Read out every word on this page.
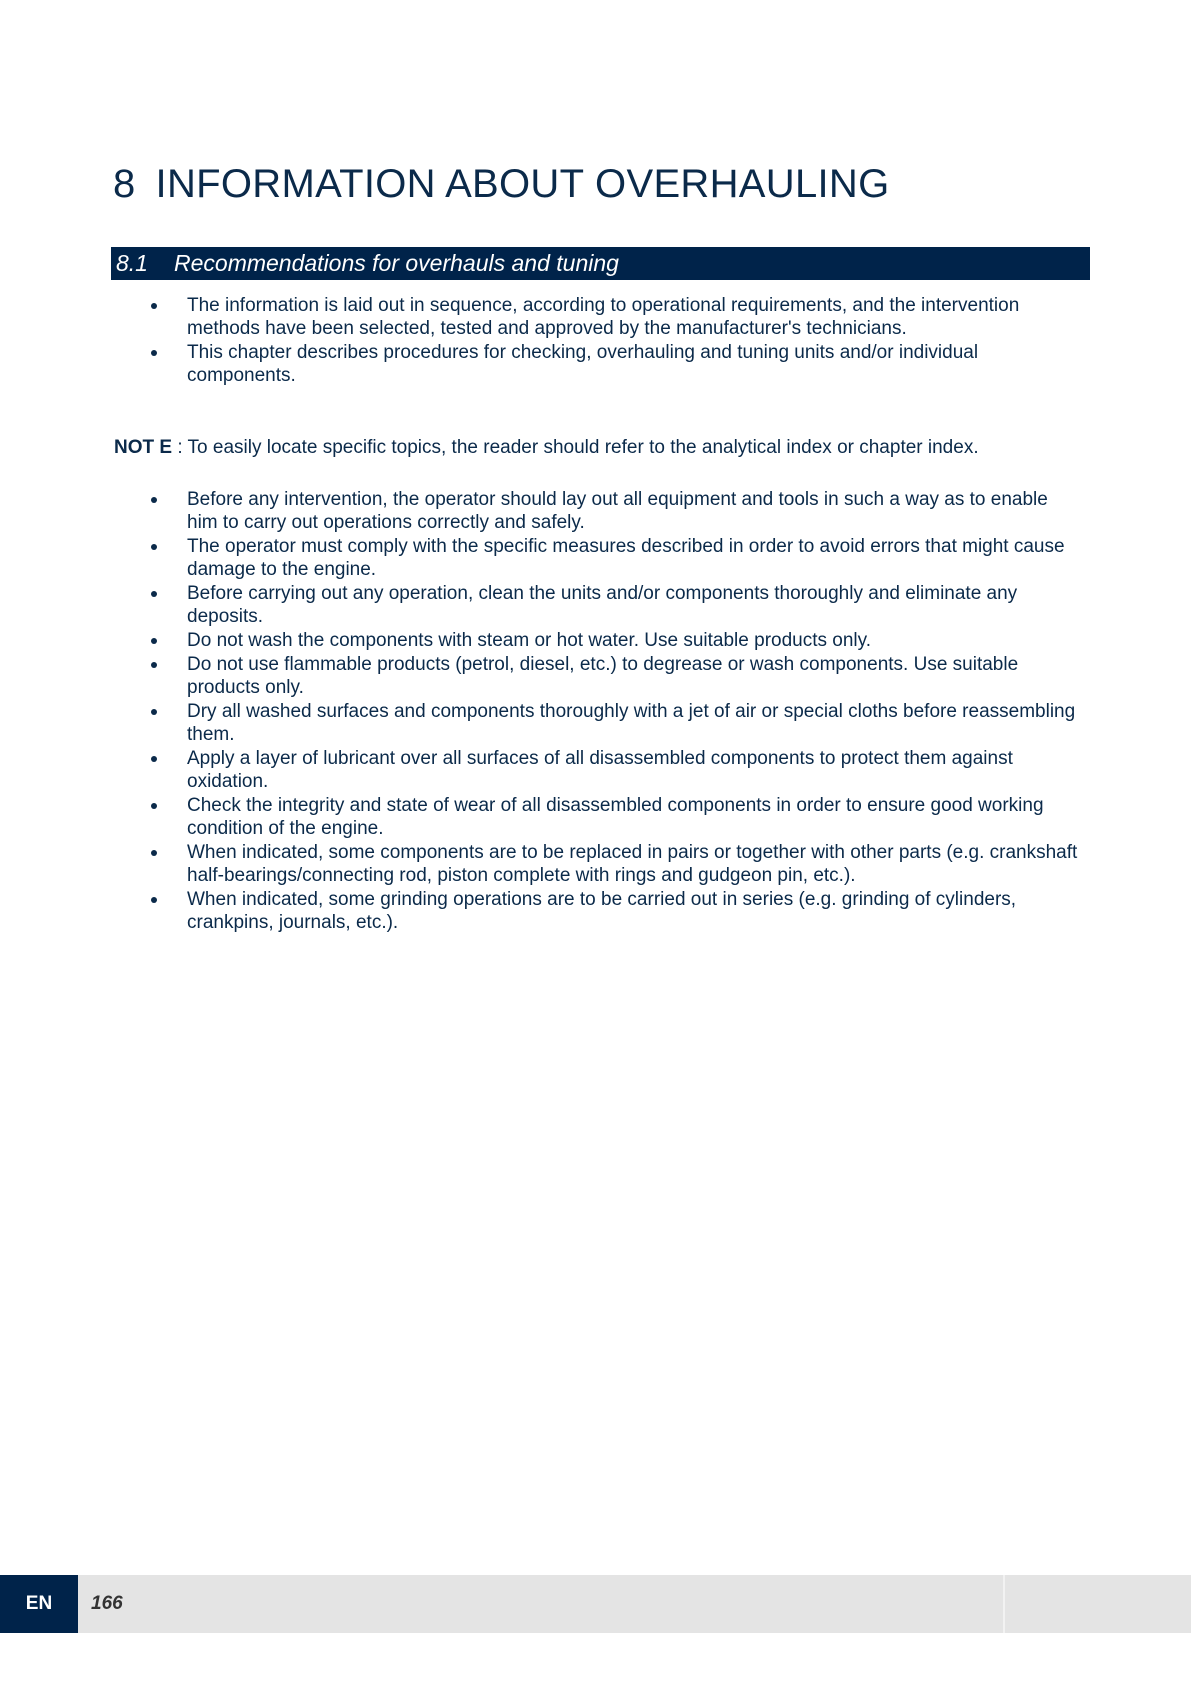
8 INFORMATION ABOUT OVERHAULING
8.1 Recommendations for overhauls and tuning
The information is laid out in sequence, according to operational requirements, and the intervention methods have been selected, tested and approved by the manufacturer's technicians.
This chapter describes procedures for checking, overhauling and tuning units and/or individual components.
NOT E : To easily locate specific topics, the reader should refer to the analytical index or chapter index.
Before any intervention, the operator should lay out all equipment and tools in such a way as to enable him to carry out operations correctly and safely.
The operator must comply with the specific measures described in order to avoid errors that might cause damage to the engine.
Before carrying out any operation, clean the units and/or components thoroughly and eliminate any deposits.
Do not wash the components with steam or hot water. Use suitable products only.
Do not use flammable products (petrol, diesel, etc.) to degrease or wash components. Use suitable products only.
Dry all washed surfaces and components thoroughly with a jet of air or special cloths before reassembling them.
Apply a layer of lubricant over all surfaces of all disassembled components to protect them against oxidation.
Check the integrity and state of wear of all disassembled components in order to ensure good working condition of the engine.
When indicated, some components are to be replaced in pairs or together with other parts (e.g. crankshaft half-bearings/connecting rod, piston complete with rings and gudgeon pin, etc.).
When indicated, some grinding operations are to be carried out in series (e.g. grinding of cylinders, crankpins, journals, etc.).
EN	166
